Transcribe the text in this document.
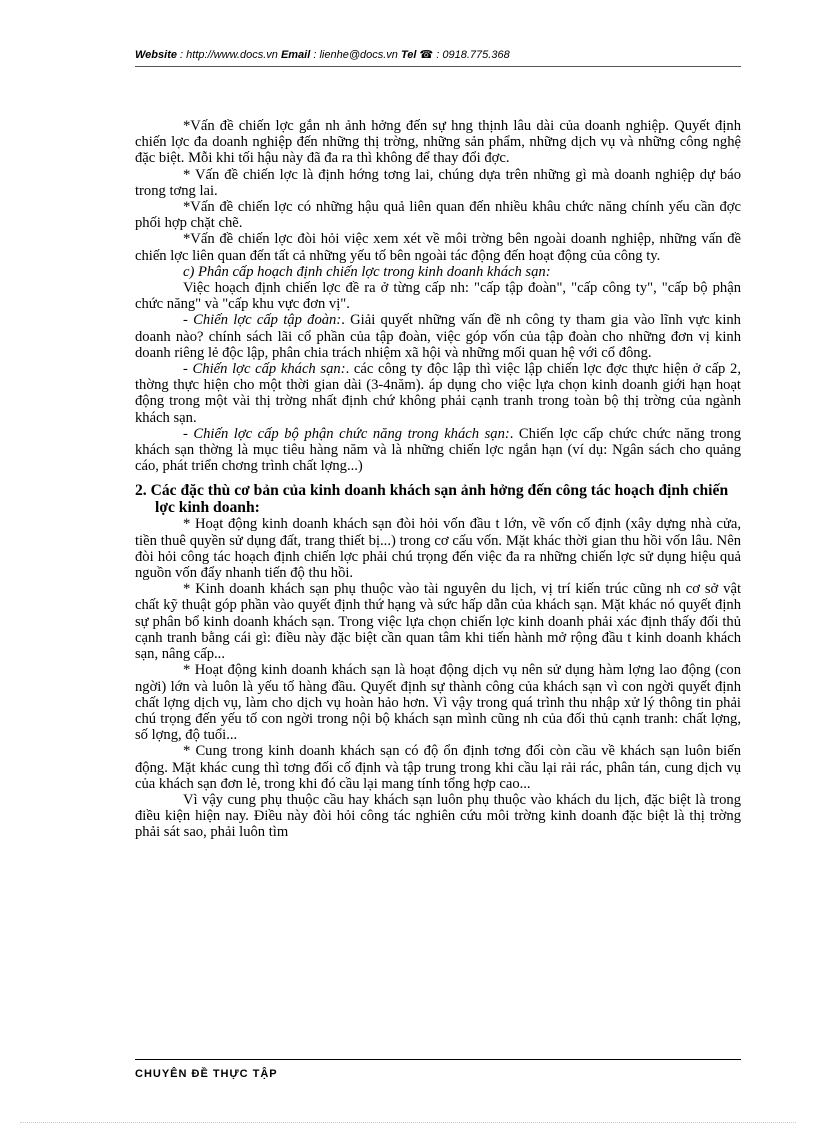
Website : http://www.docs.vn Email : lienhe@docs.vn Tel ☎ : 0918.775.368

*Vấn đề chiến lợc gắn nh ảnh hởng đến sự hng thịnh lâu dài của doanh nghiệp. Quyết định chiến lợc đa doanh nghiệp đến những thị trờng, những sản phẩm, những dịch vụ và những công nghệ đặc biệt. Mỗi khi tối hậu này đã đa ra thì không để thay đổi đợc.

* Vấn đề chiến lợc là định hớng tơng lai, chúng dựa trên những gì mà doanh nghiệp dự báo trong tơng lai.

*Vấn đề chiến lợc có những hậu quả liên quan đến nhiều khâu chức năng chính yếu cần đợc phối hợp chặt chẽ.

*Vấn đề chiến lợc đòi hỏi việc xem xét về môi trờng bên ngoài doanh nghiệp, những vấn đề chiến lợc liên quan đến tất cả những yếu tố bên ngoài tác động đến hoạt động của công ty.

c) Phân cấp hoạch định chiến lợc trong kinh doanh khách sạn:

Việc hoạch định chiến lợc đề ra ở từng cấp nh: "cấp tập đoàn", "cấp công ty", "cấp bộ phận chức năng" và "cấp khu vực đơn vị".

- Chiến lợc cấp tập đoàn:. Giải quyết những vấn đề nh công ty tham gia vào lĩnh vực kinh doanh nào? chính sách lãi cổ phần của tập đoàn, việc góp vốn của tập đoàn cho những đơn vị kinh doanh riêng lẻ độc lập, phân chia trách nhiệm xã hội và những mối quan hệ với cổ đông.

- Chiến lợc cấp khách sạn:. các công ty độc lập thì việc lập chiến lợc đợc thực hiện ở cấp 2, thờng thực hiện cho một thời gian dài (3-4năm). áp dụng cho việc lựa chọn kinh doanh giới hạn hoạt động trong một vài thị trờng nhất định chứ không phải cạnh tranh trong toàn bộ thị trờng của ngành khách sạn.

- Chiến lợc cấp bộ phận chức năng trong khách sạn:. Chiến lợc cấp chức chức năng trong khách sạn thờng là mục tiêu hàng năm và là những chiến lợc ngắn hạn (ví dụ: Ngân sách cho quảng cáo, phát triển chơng trình chất lợng...)

2. Các đặc thù cơ bản của kinh doanh khách sạn ảnh hởng đến công tác hoạch định chiến lợc kinh doanh:

* Hoạt động kinh doanh khách sạn đòi hỏi vốn đầu t lớn, về vốn cố định (xây dựng nhà cửa, tiền thuê quyền sử dụng đất, trang thiết bị...) trong cơ cấu vốn. Mặt khác thời gian thu hồi vốn lâu. Nên đòi hỏi công tác hoạch định chiến lợc phải chú trọng đến việc đa ra những chiến lợc sử dụng hiệu quả nguồn vốn đẩy nhanh tiến độ thu hồi.

* Kinh doanh khách sạn phụ thuộc vào tài nguyên du lịch, vị trí kiến trúc cũng nh cơ sở vật chất kỹ thuật góp phần vào quyết định thứ hạng và sức hấp dẫn của khách sạn. Mặt khác nó quyết định sự phân bổ kinh doanh khách sạn. Trong việc lựa chọn chiến lợc kinh doanh phải xác định thấy đối thủ cạnh tranh bằng cái gì: điều này đặc biệt cần quan tâm khi tiến hành mở rộng đầu t kinh doanh khách sạn, nâng cấp...

* Hoạt động kinh doanh khách sạn là hoạt động dịch vụ nên sử dụng hàm lợng lao động (con ngời) lớn và luôn là yếu tố hàng đầu. Quyết định sự thành công của khách sạn vì con ngời quyết định chất lợng dịch vụ, làm cho dịch vụ hoàn hảo hơn. Vì vậy trong quá trình thu nhập xử lý thông tin phải chú trọng đến yếu tố con ngời trong nội bộ khách sạn mình cũng nh của đối thủ cạnh tranh: chất lợng, số lợng, độ tuổi...

* Cung trong kinh doanh khách sạn có độ ổn định tơng đối còn cầu về khách sạn luôn biến động. Mặt khác cung thì tơng đối cố định và tập trung trong khi cầu lại rải rác, phân tán, cung dịch vụ của khách sạn đơn lẻ, trong khi đó cầu lại mang tính tổng hợp cao...

Vì vậy cung phụ thuộc cầu hay khách sạn luôn phụ thuộc vào khách du lịch, đặc biệt là trong điều kiện hiện nay. Điều này đòi hỏi công tác nghiên cứu môi trờng kinh doanh đặc biệt là thị trờng phải sát sao, phải luôn tìm

CHUYÊN ĐỀ THỰC TẬP
